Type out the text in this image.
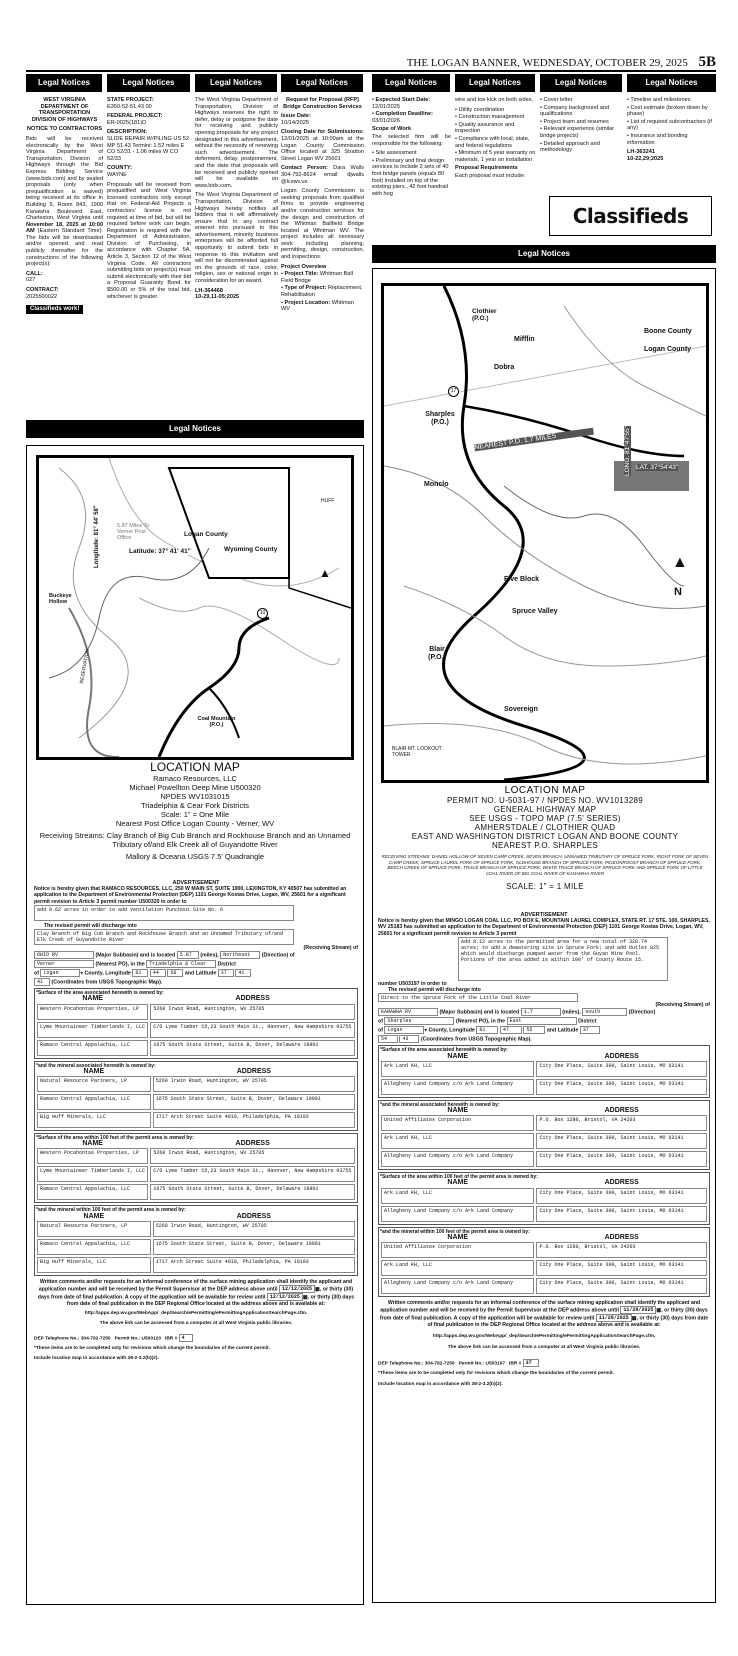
THE LOGAN BANNER, WEDNESDAY, OCTOBER 29, 2025 5B
Legal Notices	Legal Notices	Legal Notices	Legal Notices	Legal Notices	Legal Notices	Legal Notices	Legal Notices

WEST VIRGINIA DEPARTMENT OF TRANSPORTATION DIVISION OF HIGHWAYS

NOTICE TO CONTRACTORS

Bids will be received electronically by the West Virginia Department of Transportation Division of Highways through the Bid Express Bidding Service (www.bidx.com) and by sealed proposals (only when prequalification is waived) being received at its office in Building 5, Room 843, 1900 Kanawha Boulevard East, Charleston, West Virginia until November 18, 2025 at 10:00 AM (Eastern Standard Time). The bids will be downloaded and/or opened and read publicly thereafter for the constructions of the following project(s):

CALL:
027

CONTRACT:
2025500022

Classifieds work!

STATE PROJECT:
E350-52-51.43 00

FEDERAL PROJECT:
ER-0025(181)D

DESCRIPTION:
SLIDE REPAIR W/PILING US 52 MP 51.43 Termini: 1.52 miles E CO 52/31 - 1.06 miles W CO 52/33

COUNTY:
WAYNE

Proposals will be received from prequalified and West Virginia licensed contractors only except that on Federal-Aid Projects a contractors' license is not required at time of bid, but will be required before work can begin. Registration is required with the Department of Administration, Division of Purchasing, in accordance with Chapter 5A, Article 3, Section 12 of the West Virginia Code. All contractors submitting bids on project(s) must submit electronically with their bid a Proposal Guaranty Bond for $500.00 or 5% of the total bid, whichever is greater.

The West Virginia Department of Transportation, Division of Highways reserves the right to defer, delay or postpone the date for receiving and publicly opening proposals for any project designated in this advertisement, without the necessity of renewing such advertisement. The deferment, delay, postponement, and the date that proposals will be received and publicly opened will be available on www.bidx.com.

The West Virginia Department of Transportation, Division of Highways hereby notifies all bidders that it will affirmatively ensure that in any contract entered into pursuant to this advertisement, minority business enterprises will be afforded full opportunity to submit bids in response to this invitation and will not be discriminated against on the grounds of race, color, religion, sex or national origin in consideration for an award.

LH-364468
10-29,11-05;2025

Request for Proposal (RFP) Bridge Construction Services

Issue Date:
10/14/2025

Closing Date for Submissions: 12/01/2025 at 10:00am at the Logan County Commission Office located at 325 Stratton Street Logan WV 25601

Contact Person: Dara Walls 304-792-8624 email: djwalls @lcswv.us

Logan County Commission is seeking proposals from qualified firms to provide engineering and/or construction services for the design and construction of the Whitman Ballfield Bridge located at Whitman WV. The project includes all necessary work including planning, permitting, design, construction, and inspections.

Project Overview

• Project Title: Whitman Ball Field Bridge
• Type of Project: Replacement, Rehabilitation
• Project Location: Whitman WV
Legal Notices
• Expected Start Date: 12/01/2025
• Completion Deadline: 03/01/2026

Scope of Work

The selected firm will be responsible for the following:

• Site assessment
• Preliminary and final design services to include 2 sets of 40 foot bridge panels (equals 80 foot) installed on top of the existing piers., 42 foot handrail with hog

wire and toe kick on both sides.

• Utility coordination
• Construction management
• Quality assurance and inspection
• Compliance with local, state, and federal regulations
• Minimum of 5 year warranty on materials, 1 year on installation

Proposal Requirements

Each proposal must include:

• Cover letter
• Company background and qualifications
• Project team and resumes
• Relevant experience (similar bridge projects)
• Detailed approach and methodology
• Timeline and milestones
• Cost estimate (broken down by phase)
• List of required subcontractors (if any)
• Insurance and bonding information

LH-363241
10-22,29;2025

Classifieds
Legal Notices
Longitude: 81° 44' 58"	Latitude: 37° 41' 41"
5.87 Miles To Verner Post Office	Logan County
Wyoming County
Buckeye Hollow
RESERVATION
Coal Mountain (P.O.)
HUFF
10
▲
LOCATION MAP
Ramaco Resources, LLC
Michael Powellton Deep Mine U500320
NPDES WV1031015
Triadelphia & Cear Fork Districts
Scale: 1" = One Mile
Nearest Post Office Logan County - Verner, WV
Receiving Streams: Clay Branch of Big Cub Branch and Rockhouse Branch and an Unnamed Tributary of/and Elk Creek all of Guyandotte River
Mallory & Oceana USGS 7.5' Quadrangle
ADVERTISEMENT
Notice is hereby given that RAMACO RESOURCES, LLC, 250 W MAIN ST, SUITE 1900, LEXINGTON, KY 40507 has submitted an application to the Department of Environmental Protection (DEP) 1101 George Kostas Drive, Logan, WV, 25601 for a significant permit revision to Article 3 permit number U500320 in order to
add 0.62 acres in order to add Ventilation Punchout Site No. 6
The revised permit will discharge into
Clay Branch of Big Cub Branch and Rockhouse Branch and an Unnamed Tributary of/and Elk Creek of Guyandotte River
(Receiving Stream) of
OHIO RV	(Major Subbasin) and is located 5.87 (miles), Northeast (Direction) of
Verner	(Nearest PO), in the Triadelphia & Clear District
of Logan	▾ County, Longitude 81 44 58 and Latitude 37 41
41 (Coordinates from USGS Topographic Map).
*Surface of the area associated herewith is owned by:
NAME	ADDRESS

Western Pocahontas Properties, LP	5260 Irwin Road, Huntington, WV 25705

Lyme Mountaineer Timberlands I, LLC	C/O Lyme Timber CO,23 South Main St., Hanover, New Hampshire 03755

Ramaco Central Appalachia, LLC	1675 South State Street, Suite B, Dover, Delaware 19901
*and the mineral associated herewith is owned by:
NAME	ADDRESS

Natural Resource Partners, LP	5260 Irwin Road, Huntington, WV 25705

Ramaco Central Appalachia, LLC	1675 South State Street, Suite B, Dover, Delaware 19901

Big Huff Minerals, LLC	1717 Arch Street Suite 4010, Philadelphia, PA 19103
*Surface of the area within 100 feet of the permit area is owned by:
NAME	ADDRESS

Western Pocahontas Properties, LP	5260 Irwin Road, Huntington, WV 25705

Lyme Mountaineer Timberlands I, LLC	C/O Lyme Timber CO,23 South Main St., Hanover, New Hampshire 03755

Ramaco Central Appalachia, LLC	1675 South State Street, Suite B, Dover, Delaware 19901
*and the mineral within 100 feet of the permit area is owned by:
NAME	ADDRESS

Natural Resource Partners, LP	5260 Irwin Road, Huntington, WV 25705

Ramaco Central Appalachia, LLC	1675 South State Street, Suite B, Dover, Delaware 19901

Big Huff Minerals, LLC	1717 Arch Street Suite 4010, Philadelphia, PA 19103
Written comments and/or requests for an informal conference of the surface mining application shall identify the applicant and application number and will be received by the Permit Supervisor at the DEP address above until 12/12/2025 ▦, or thirty (30) days from date of final publication. A copy of the application will be available for review until 12/12/2025 ▦, or thirty (30) days from date of final publication in the DEP Regional Office located at the address above and is available at:
http://apps.dep.wv.gov/WebApp/_dep/Search/ePermitting/ePermittingApplicationSearchPage.cfm.
The above link can be accessed from a computer at all West Virginia public libraries.
DEP Telephone No.: 304-792-7250 Permit No.: U500120 IBR # 4
*These items are to be completed only for revisions which change the boundaries of the current permit.
Include location map in accordance with 38-2-3.2(b)(2).
Clothier (P.O.)
Mifflin
Dobra
Boone County
Logan County
Sharples (P.O.)
NEAREST P.O. 1.7 MILES	LONG. 81°47'55" LAT. 37°54'43"
Monclo
Five Block
Spruce Valley
Blair (P.O.)
Sovereign
BLAIR MT. LOOKOUT TOWER
N
▲
17
LOCATION MAP
PERMIT NO. U-5031-97 / NPDES NO. WV1013289
GENERAL HIGHWAY MAP
SEE USGS - TOPO MAP (7.5' SERIES)
AMHERSTDALE / CLOTHIER QUAD
EAST AND WASHINGTON DISTRICT LOGAN AND BOONE COUNTY
NEAREST P.O. SHARPLES
RECEIVING STREAMS: DANIEL HOLLOW OF SEVEN CAMP CREEK, SEVEN BRANCH, UNNAMED TRIBUTARY OF SPRUCE FORK, RIGHT FORK OF SEVEN CAMP CREEK, SPRUCE LAUREL FORK OF SPRUCE FORK, OLDHOUSE BRANCH OF SPRUCE FORK, PIGEONROOST BRANCH OF SPRUCE FORK, BEECH CREEK OF SPRUCE FORK, TRACE BRANCH OF SPRUCE FORK, WHITE TRACE BRANCH OF SPRUCE FORK AND SPRUCE FORK OF LITTLE COAL RIVER OF BIG COAL RIVER OF KANAWHA RIVER
SCALE: 1" = 1 MILE
ADVERTISEMENT
Notice is hereby given that MINGO LOGAN COAL LLC, PO BOX E, MOUNTAIN LAUREL COMPLEX, STATE RT. 17 STE. 100, SHARPLES, WV 25183 has submitted an application to the Department of Environmental Protection (DEP) 1101 George Kostas Drive, Logan, WV, 25601 for a significant permit revision to Article 3 permit
Add 8.12 acres to the permitted area for a new total of 320.74 acres; to add a dewatering site in Spruce Fork; and add Outlet 025 which would discharge pumped water from the Guyan Mine Pool. Portions of the area added is within 100' of County Route 15.
number U503197 in order to
The revised permit will discharge into
Direct to the Spruce Fork of the Little Coal River
(Receiving Stream) of
KANAWHA RV	(Major Subbasin) and is located 1.7	(miles), south	(Direction)
of Sharples	(Nearest PO), in the East	District
of Logan	▾ County, Longitude 81	47	55	and Latitude 37
54	43 (Coordinates from USGS Topographic Map).
*Surface of the area associated herewith is owned by:
NAME	ADDRESS

Ark Land KH, LLC	City One Place, Suite 300, Saint Louis, MO 63141

Allegheny Land Company c/o Ark Land Company	City One Place, Suite 300, Saint Louis, MO 63141
*and the mineral associated herewith is owned by:
NAME	ADDRESS

United Affiliates Corporation	P.O. Box 1280, Bristol, VA 24203

Ark Land KH, LLC	City One Place, Suite 300, Saint Louis, MO 63141

Allegheny Land Company c/o Ark Land Company	City One Place, Suite 300, Saint Louis, MO 63141
*Surface of the area within 100 feet of the permit area is owned by:
NAME	ADDRESS

Ark Land KH, LLC	City One Place, Suite 300, Saint Louis, MO 63141

Allegheny Land Company c/o Ark Land Company	City One Place, Suite 300, Saint Louis, MO 63141
*and the mineral within 100 feet of the permit area is owned by:
NAME	ADDRESS

United Affiliates Corporation	P.O. Box 1280, Bristol, VA 24203

Ark Land KH, LLC	City One Place, Suite 300, Saint Louis, MO 63141

Allegheny Land Company c/o Ark Land Company	City One Place, Suite 300, Saint Louis, MO 63141
Written comments and/or requests for an informal conference of the surface mining application shall identify the applicant and application number and will be received by the Permit Supervisor at the DEP address above until 11/28/2025 ▦, or thirty (30) days from date of final publication. A copy of the application will be available for review until 11/28/2025 ▦, or thirty (30) days from date of final publication in the DEP Regional Office located at the address above and is available at:
http://apps.dep.wv.gov/WebApp/_dep/Search/ePermitting/ePermittingApplicationSearchPage.cfm.
The above link can be accessed from a computer at all West Virginia public libraries.
DEP Telephone No.: 304-792-7250 Permit No.: U503197 IBR # 37
*These items are to be completed only for revisions which change the boundaries of the current permit.
Include location map in accordance with 38-2-3.2(b)(2).
